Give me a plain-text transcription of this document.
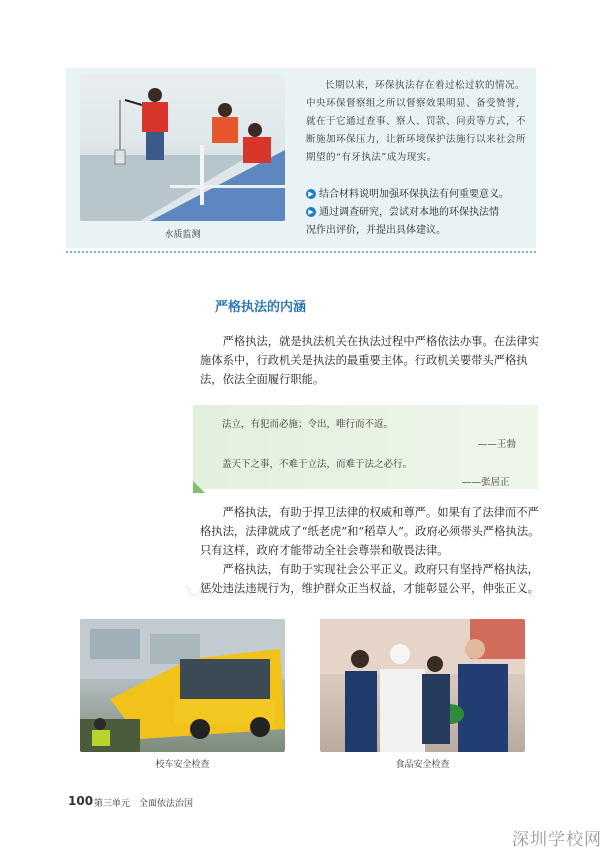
水质监测

长期以来，环保执法存在着过松过软的情况。中央环保督察组之所以督察效果明显、备受赞誉，就在于它通过查事、察人、罚款、问责等方式，不断施加环保压力，让新环境保护法施行以来社会所期望的“有牙执法”成为现实。

▶ 结合材料说明加强环保执法有何重要意义。
▶ 通过调查研究，尝试对本地的环保执法情
况作出评价，并提出具体建议。
严格执法的内涵

严格执法，就是执法机关在执法过程中严格依法办事。在法律实施体系中，行政机关是执法的最重要主体。行政机关要带头严格执法，依法全面履行职能。

法立，有犯而必施；令出，唯行而不返。
——王勃
盖天下之事，不难于立法，而难于法之必行。
——张居正
〰︎∽〰︎

严格执法，有助于捍卫法律的权威和尊严。如果有了法律而不严格执法，法律就成了“纸老虎”和“稻草人”。政府必须带头严格执法。只有这样，政府才能带动全社会尊崇和敬畏法律。

严格执法，有助于实现社会公平正义。政府只有坚持严格执法，惩处违法违规行为，维护群众正当权益，才能彰显公平，伸张正义。

校车安全检查	食品安全检查
100 第三单元　全面依法治国
深圳学校网
